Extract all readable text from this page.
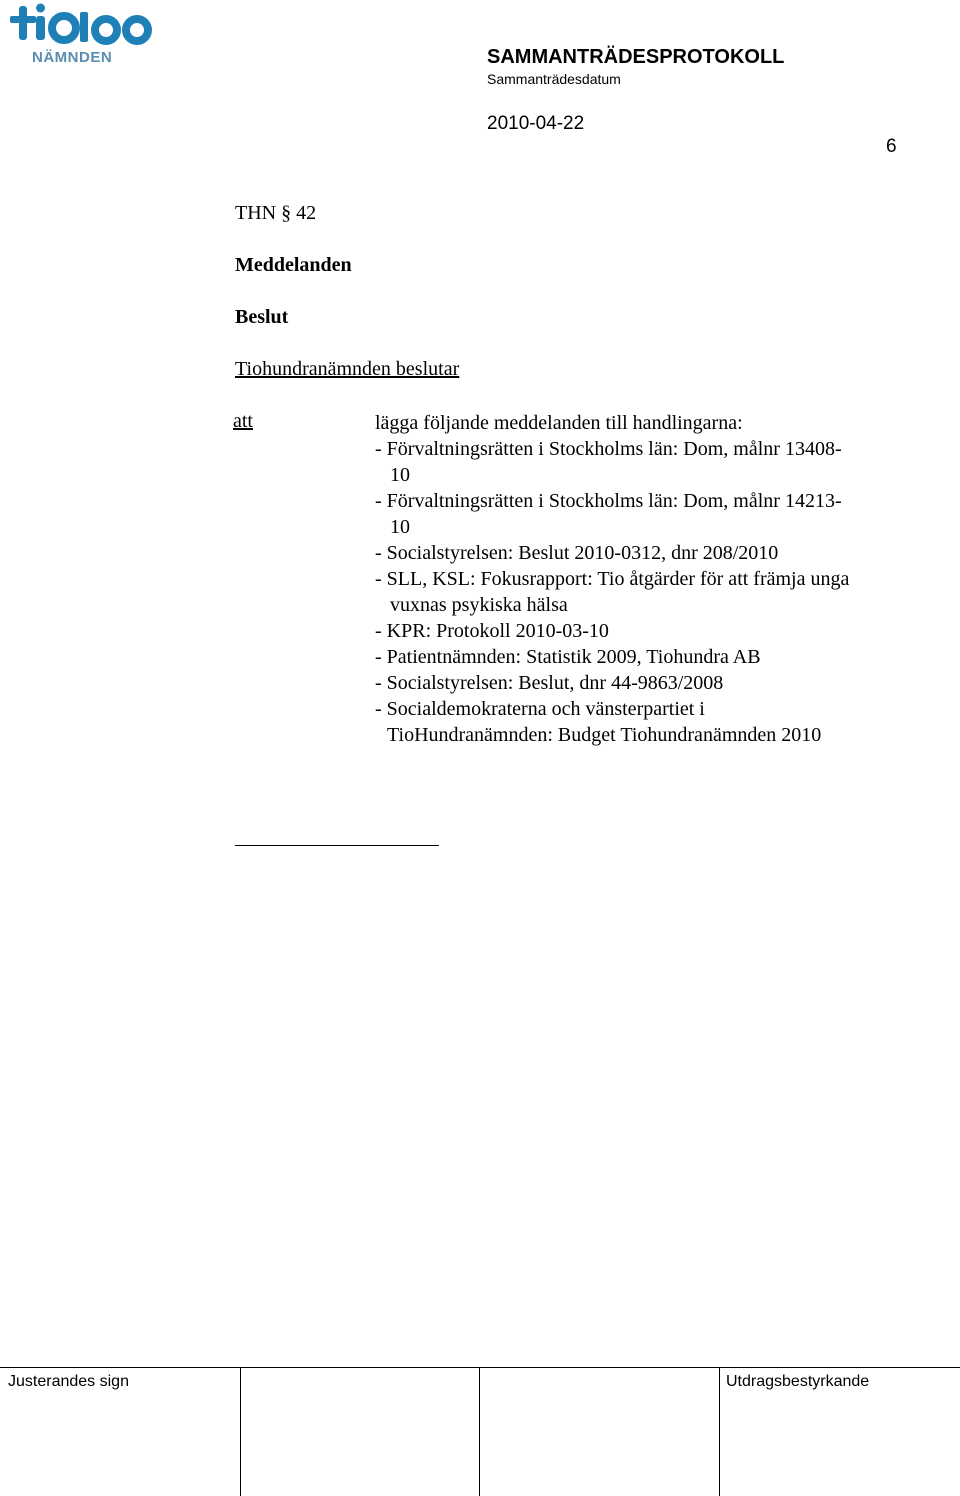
NÄMNDEN	SAMMANTRÄDESPROTOKOLL
Sammanträdesdatum
2010-04-22
6
THN § 42
Meddelanden
Beslut
Tiohundranämnden beslutar
att	lägga följande meddelanden till handlingarna:
- Förvaltningsrätten i Stockholms län: Dom, målnr 13408-
10
- Förvaltningsrätten i Stockholms län: Dom, målnr 14213-
10
- Socialstyrelsen: Beslut 2010-0312, dnr 208/2010
- SLL, KSL: Fokusrapport: Tio åtgärder för att främja unga
vuxnas psykiska hälsa
- KPR: Protokoll 2010-03-10
- Patientnämnden: Statistik 2009, Tiohundra AB
- Socialstyrelsen: Beslut, dnr 44-9863/2008
- Socialdemokraterna och vänsterpartiet i
TioHundranämnden: Budget Tiohundranämnden 2010
Justerandes sign	Utdragsbestyrkande
